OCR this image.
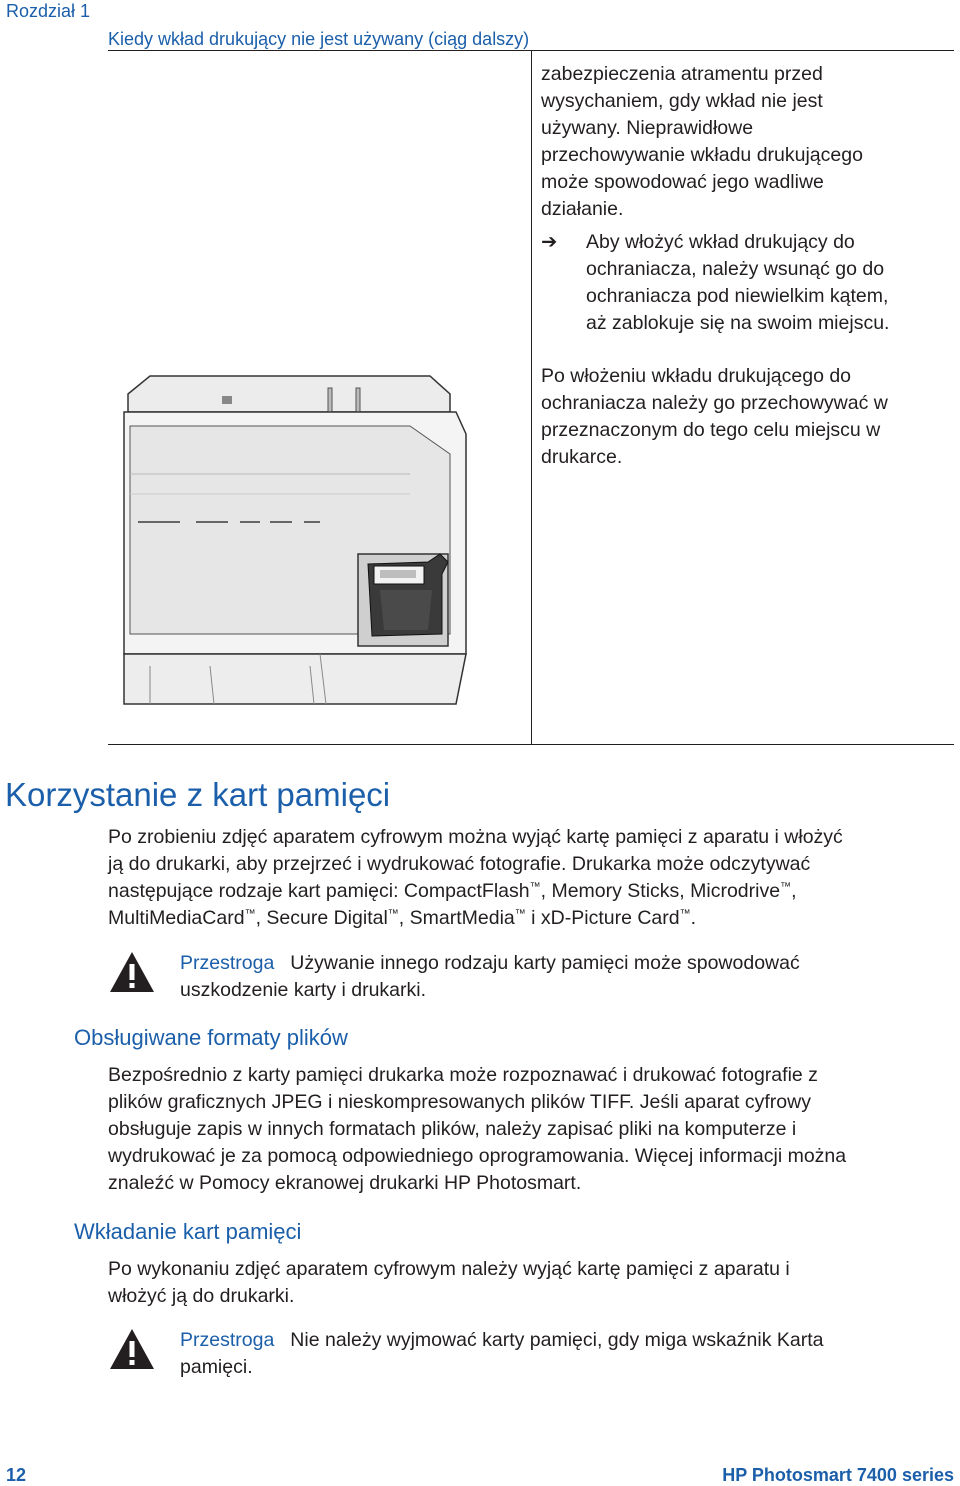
Rozdział 1
Kiedy wkład drukujący nie jest używany (ciąg dalszy)
zabezpieczenia atramentu przed
wysychaniem, gdy wkład nie jest
używany. Nieprawidłowe
przechowywanie wkładu drukującego
może spowodować jego wadliwe
działanie.
➔	Aby włożyć wkład drukujący do
ochraniacza, należy wsunąć go do
ochraniacza pod niewielkim kątem,
aż zablokuje się na swoim miejscu.
Po włożeniu wkładu drukującego do
ochraniacza należy go przechowywać w
przeznaczonym do tego celu miejscu w
drukarce.
Korzystanie z kart pamięci
Po zrobieniu zdjęć aparatem cyfrowym można wyjąć kartę pamięci z aparatu i włożyć
ją do drukarki, aby przejrzeć i wydrukować fotografie. Drukarka może odczytywać
następujące rodzaje kart pamięci: CompactFlash™, Memory Sticks, Microdrive™,
MultiMediaCard™, Secure Digital™, SmartMedia™ i xD-Picture Card™.
Przestroga Używanie innego rodzaju karty pamięci może spowodować
uszkodzenie karty i drukarki.
Obsługiwane formaty plików
Bezpośrednio z karty pamięci drukarka może rozpoznawać i drukować fotografie z
plików graficznych JPEG i nieskompresowanych plików TIFF. Jeśli aparat cyfrowy
obsługuje zapis w innych formatach plików, należy zapisać pliki na komputerze i
wydrukować je za pomocą odpowiedniego oprogramowania. Więcej informacji można
znaleźć w Pomocy ekranowej drukarki HP Photosmart.
Wkładanie kart pamięci
Po wykonaniu zdjęć aparatem cyfrowym należy wyjąć kartę pamięci z aparatu i
włożyć ją do drukarki.
Przestroga Nie należy wyjmować karty pamięci, gdy miga wskaźnik Karta
pamięci.
12	HP Photosmart 7400 series
